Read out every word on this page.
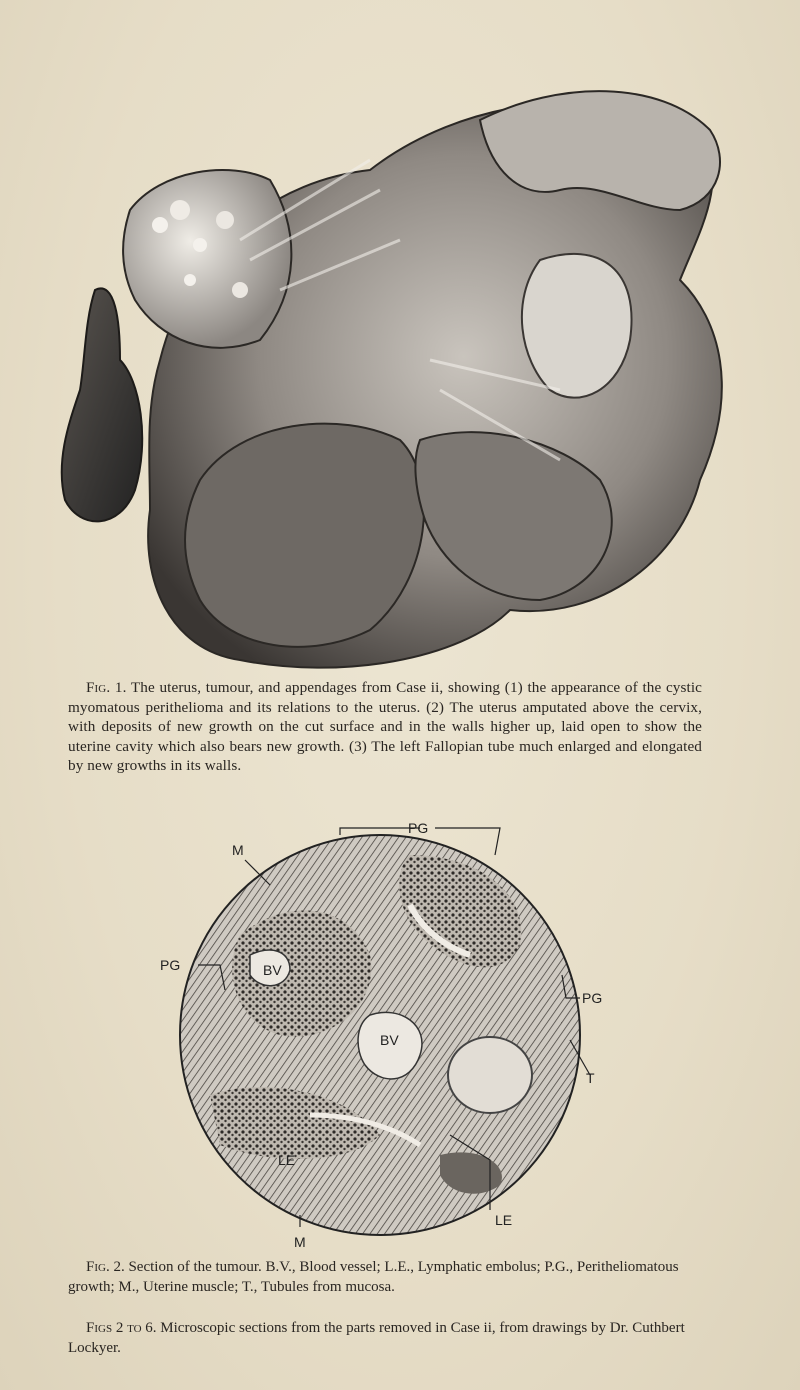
Fig. 1. The uterus, tumour, and appendages from Case ii, showing (1) the appearance of the cystic myomatous perithelioma and its relations to the uterus. (2) The uterus amputated above the cervix, with deposits of new growth on the cut surface and in the walls higher up, laid open to show the uterine cavity which also bears new growth. (3) The left Fallopian tube much enlarged and elongated by new growths in its walls.
PG
M
PG
PG
T
BV
BV
LE
LE
M
Fig. 2. Section of the tumour. B.V., Blood vessel; L.E., Lymphatic embolus; P.G., Peritheliomatous growth; M., Uterine muscle; T., Tubules from mucosa.
Figs 2 to 6. Microscopic sections from the parts removed in Case ii, from drawings by Dr. Cuthbert Lockyer.
